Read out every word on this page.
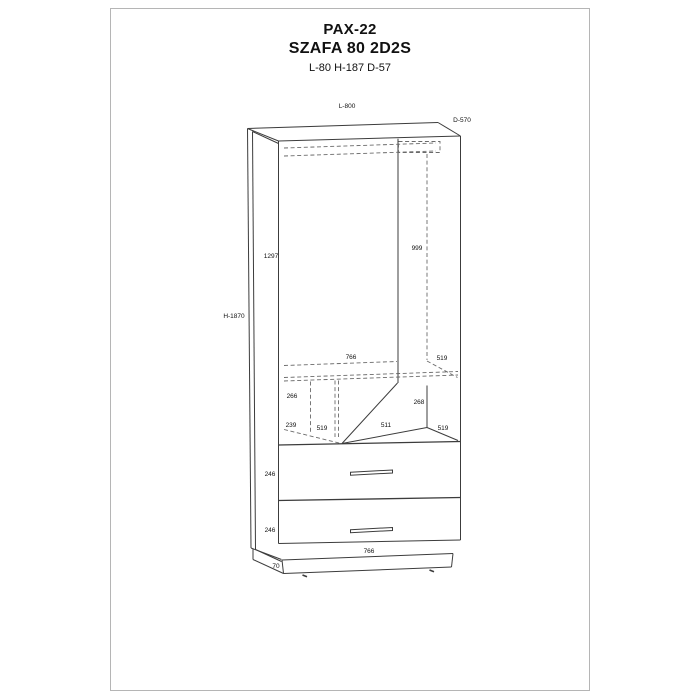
PAX-22
SZAFA 80 2D2S
L-80 H-187 D-57
L-800
D-570
1297
999
H-1870
766	519
266
268
239	519	511	519
246
246
766
70
